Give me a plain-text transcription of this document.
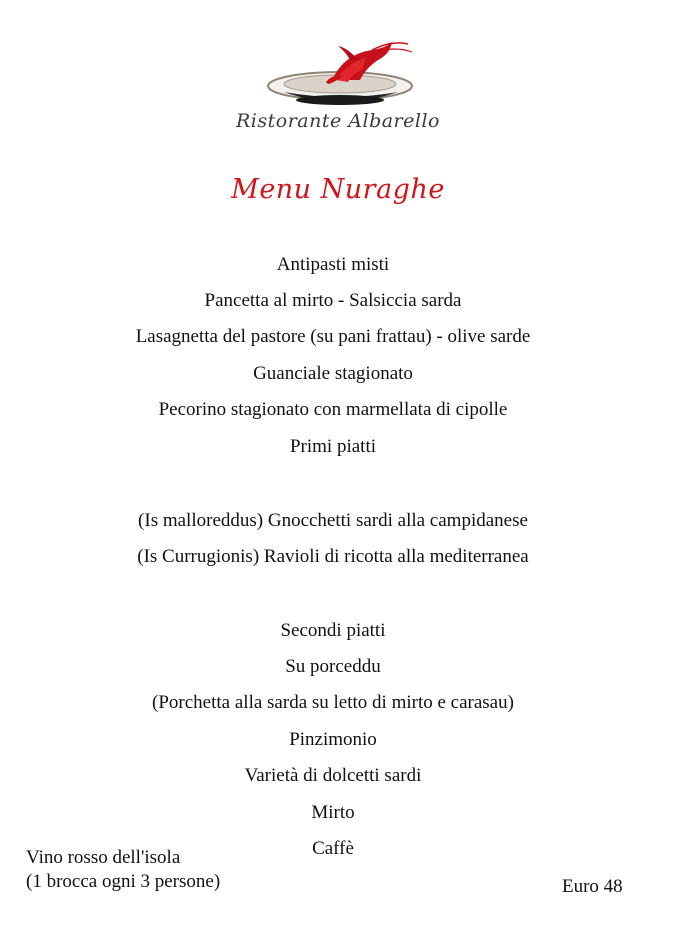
Ristorante Albarello
Menu Nuraghe
Antipasti misti
Pancetta al mirto - Salsiccia sarda
Lasagnetta del pastore (su pani frattau) - olive sarde
Guanciale stagionato
Pecorino stagionato con marmellata di cipolle
Primi piatti
(Is malloreddus) Gnocchetti sardi alla campidanese
(Is Currugionis) Ravioli di ricotta alla mediterranea
Secondi piatti
Su porceddu
(Porchetta alla sarda su letto di mirto e carasau)
Pinzimonio
Varietà di dolcetti sardi
Mirto
Caffè
Vino rosso dell'isola
(1 brocca ogni 3 persone)	Euro 48
